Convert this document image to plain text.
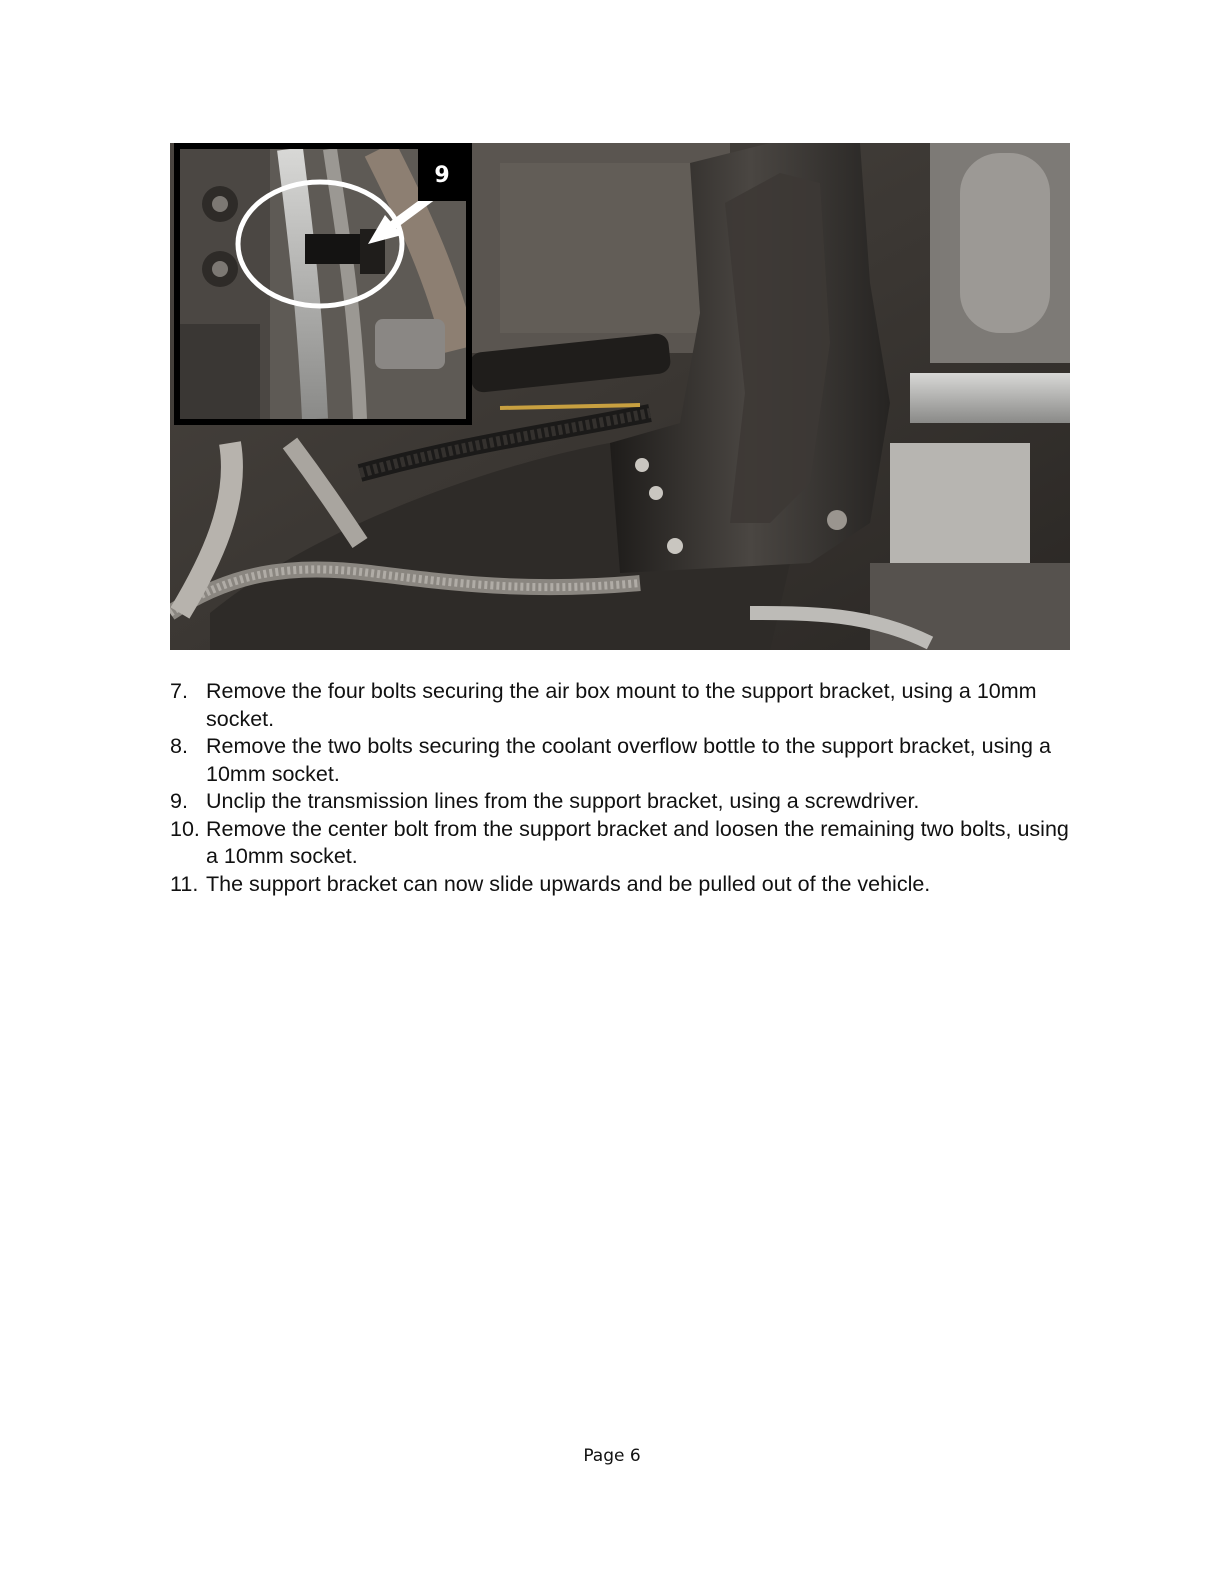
9
7. Remove the four bolts securing the air box mount to the support bracket, using a 10mm socket.
8. Remove the two bolts securing the coolant overflow bottle to the support bracket, using a 10mm socket.
9. Unclip the transmission lines from the support bracket, using a screwdriver.
10. Remove the center bolt from the support bracket and loosen the remaining two bolts, using a 10mm socket.
11. The support bracket can now slide upwards and be pulled out of the vehicle.
Page 6
